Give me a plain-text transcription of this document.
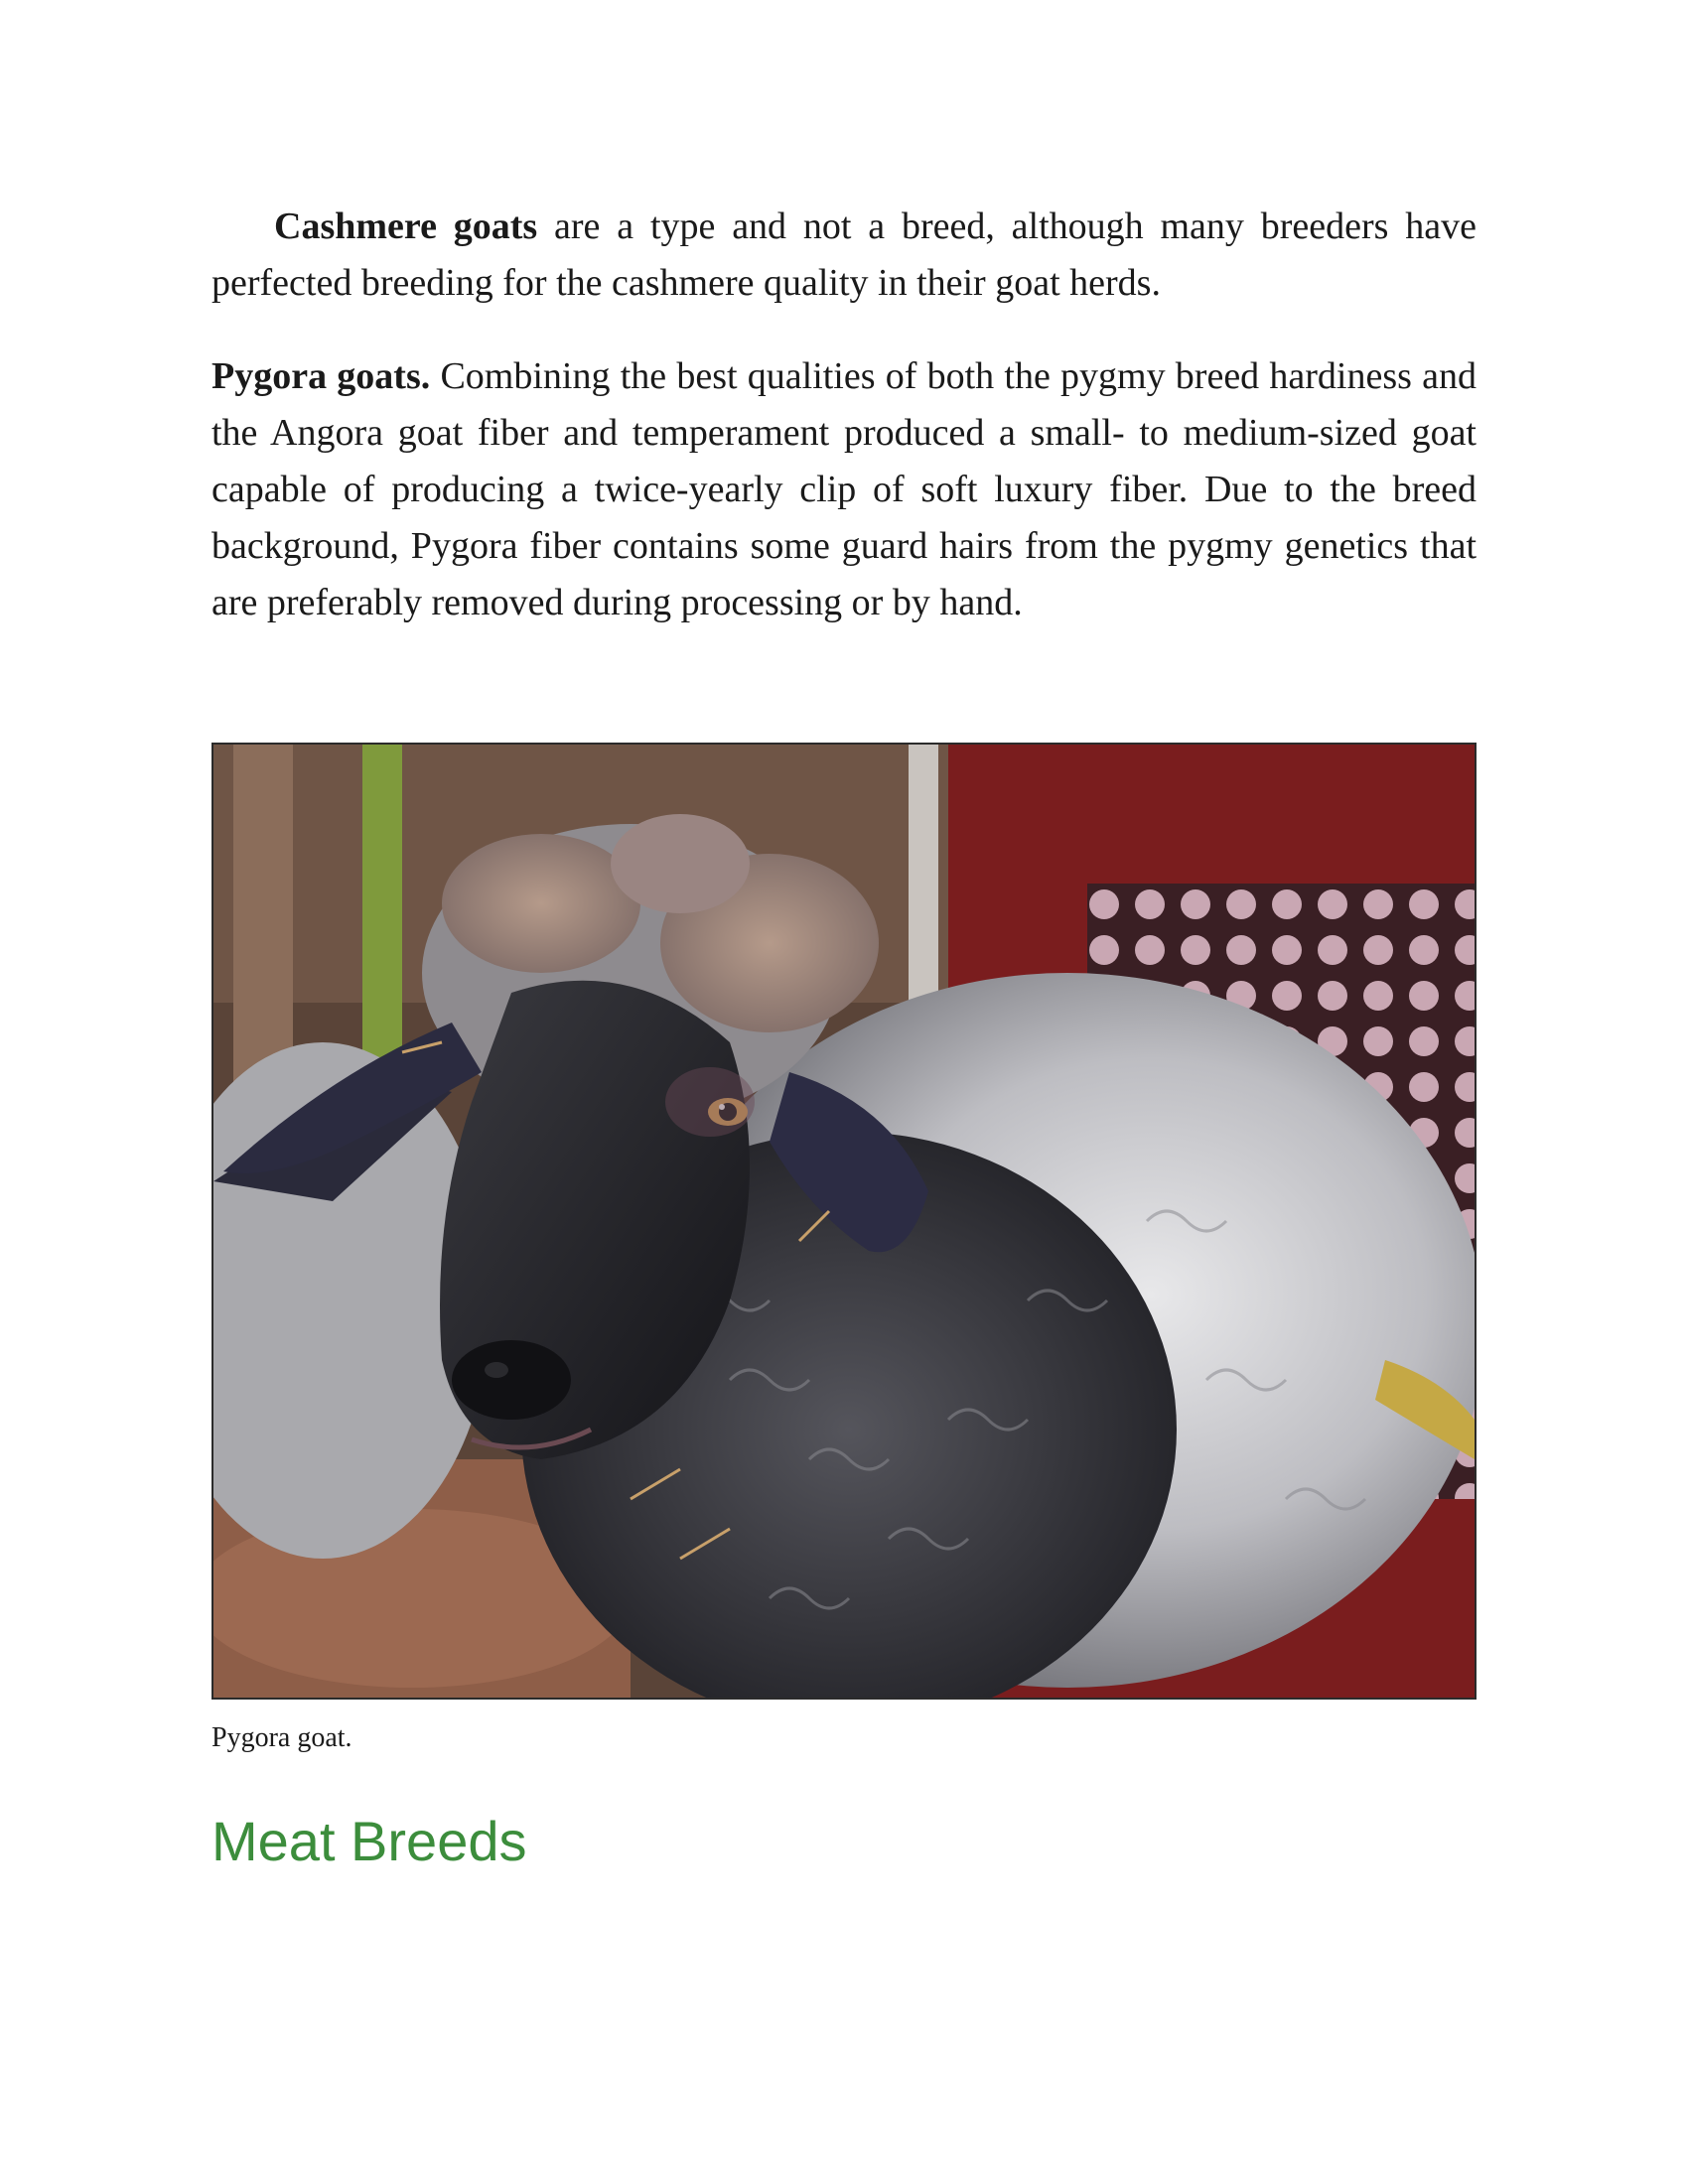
Cashmere goats are a type and not a breed, although many breeders have perfected breeding for the cashmere quality in their goat herds.

Pygora goats. Combining the best qualities of both the pygmy breed hardiness and the Angora goat fiber and temperament produced a small- to medium-sized goat capable of producing a twice-yearly clip of soft luxury fiber. Due to the breed background, Pygora fiber contains some guard hairs from the pygmy genetics that are preferably removed during processing or by hand.

Pygora goat.

Meat Breeds
